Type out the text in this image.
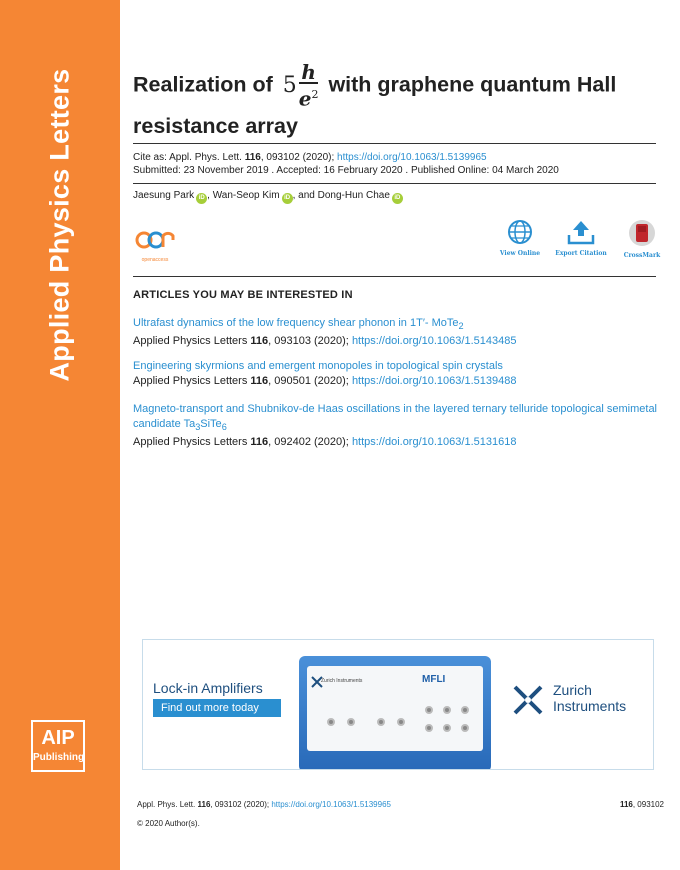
Applied Physics Letters
AIP
Publishing
Realization of $5 \frac{h}{e^2}$ with graphene quantum Hall resistance array
Cite as: Appl. Phys. Lett. 116, 093102 (2020); https://doi.org/10.1063/1.5139965
Submitted: 23 November 2019 . Accepted: 16 February 2020 . Published Online: 04 March 2020
Jaesung Park iD , Wan-Seop Kim iD , and Dong-Hun Chae iD
openaccess
View Online	Export Citation	CrossMark
ARTICLES YOU MAY BE INTERESTED IN
Ultrafast dynamics of the low frequency shear phonon in 1T′- MoTe$_2$
Applied Physics Letters 116, 093103 (2020); https://doi.org/10.1063/1.5143485
Engineering skyrmions and emergent monopoles in topological spin crystals
Applied Physics Letters 116, 090501 (2020); https://doi.org/10.1063/1.5139488
Magneto-transport and Shubnikov-de Haas oscillations in the layered ternary telluride topological semimetal candidate $Ta_3SiTe_6$
Applied Physics Letters 116, 092402 (2020); https://doi.org/10.1063/1.5131618
Lock-in Amplifiers
Find out more today
Zurich Instruments	MFLI
Zurich
Instruments
Appl. Phys. Lett. 116, 093102 (2020); https://doi.org/10.1063/1.5139965	116, 093102
© 2020 Author(s).
